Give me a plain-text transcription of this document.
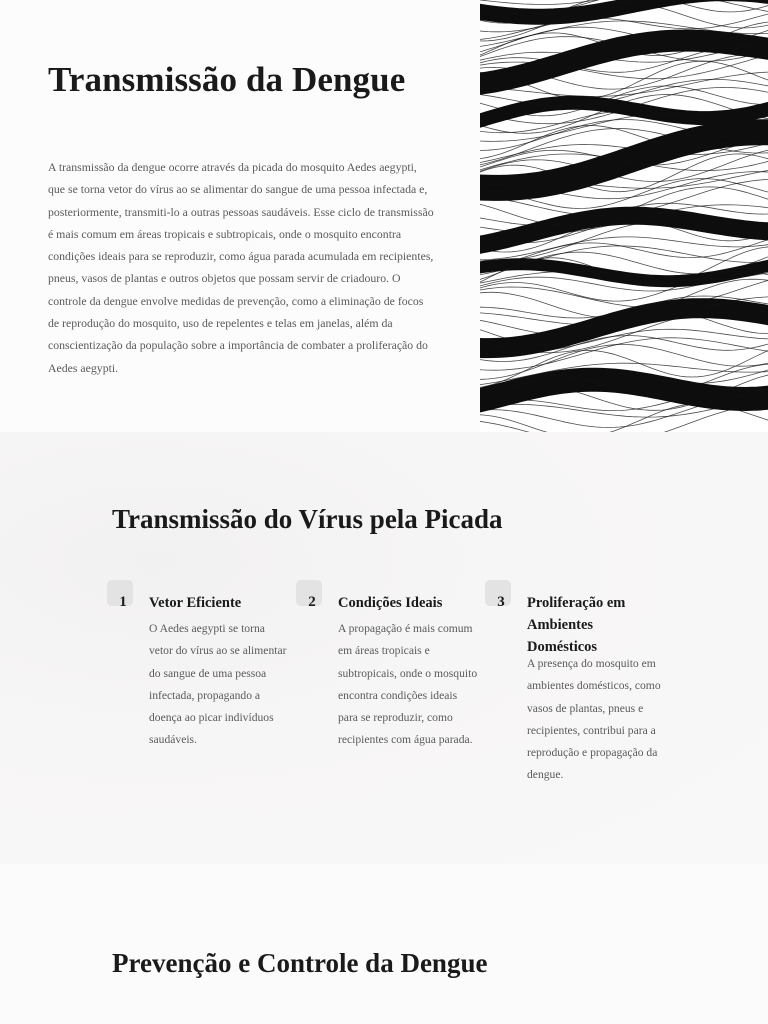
Transmissão da Dengue

A transmissão da dengue ocorre através da picada do mosquito Aedes aegypti, que se torna vetor do vírus ao se alimentar do sangue de uma pessoa infectada e, posteriormente, transmiti-lo a outras pessoas saudáveis. Esse ciclo de transmissão é mais comum em áreas tropicais e subtropicais, onde o mosquito encontra condições ideais para se reproduzir, como água parada acumulada em recipientes, pneus, vasos de plantas e outros objetos que possam servir de criadouro. O controle da dengue envolve medidas de prevenção, como a eliminação de focos de reprodução do mosquito, uso de repelentes e telas em janelas, além da conscientização da população sobre a importância de combater a proliferação do Aedes aegypti.

Transmissão do Vírus pela Picada
1	Vetor Eficiente
O Aedes aegypti se torna vetor do vírus ao se alimentar do sangue de uma pessoa infectada, propagando a doença ao picar indivíduos saudáveis.
2	Condições Ideais
A propagação é mais comum em áreas tropicais e subtropicais, onde o mosquito encontra condições ideais para se reproduzir, como recipientes com água parada.
3	Proliferação em Ambientes Domésticos
A presença do mosquito em ambientes domésticos, como vasos de plantas, pneus e recipientes, contribui para a reprodução e propagação da dengue.
Prevenção e Controle da Dengue
